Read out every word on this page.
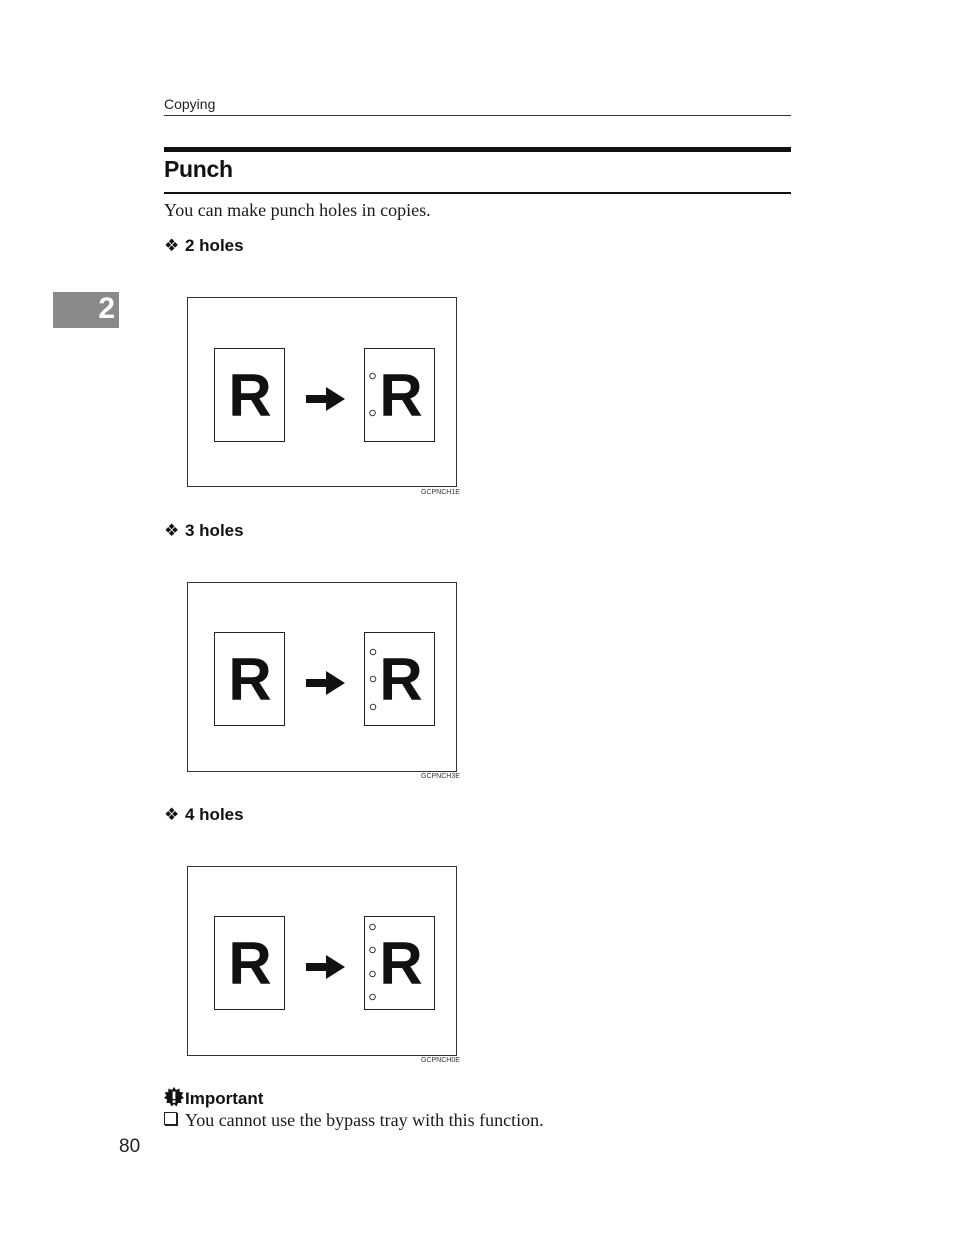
Copying
2
Punch
You can make punch holes in copies.
❖ 2 holes
R R
GCPNCH1E
❖ 3 holes
R R
GCPNCH3E
❖ 4 holes
R R
GCPNCH0E
Important
You cannot use the bypass tray with this function.
80
